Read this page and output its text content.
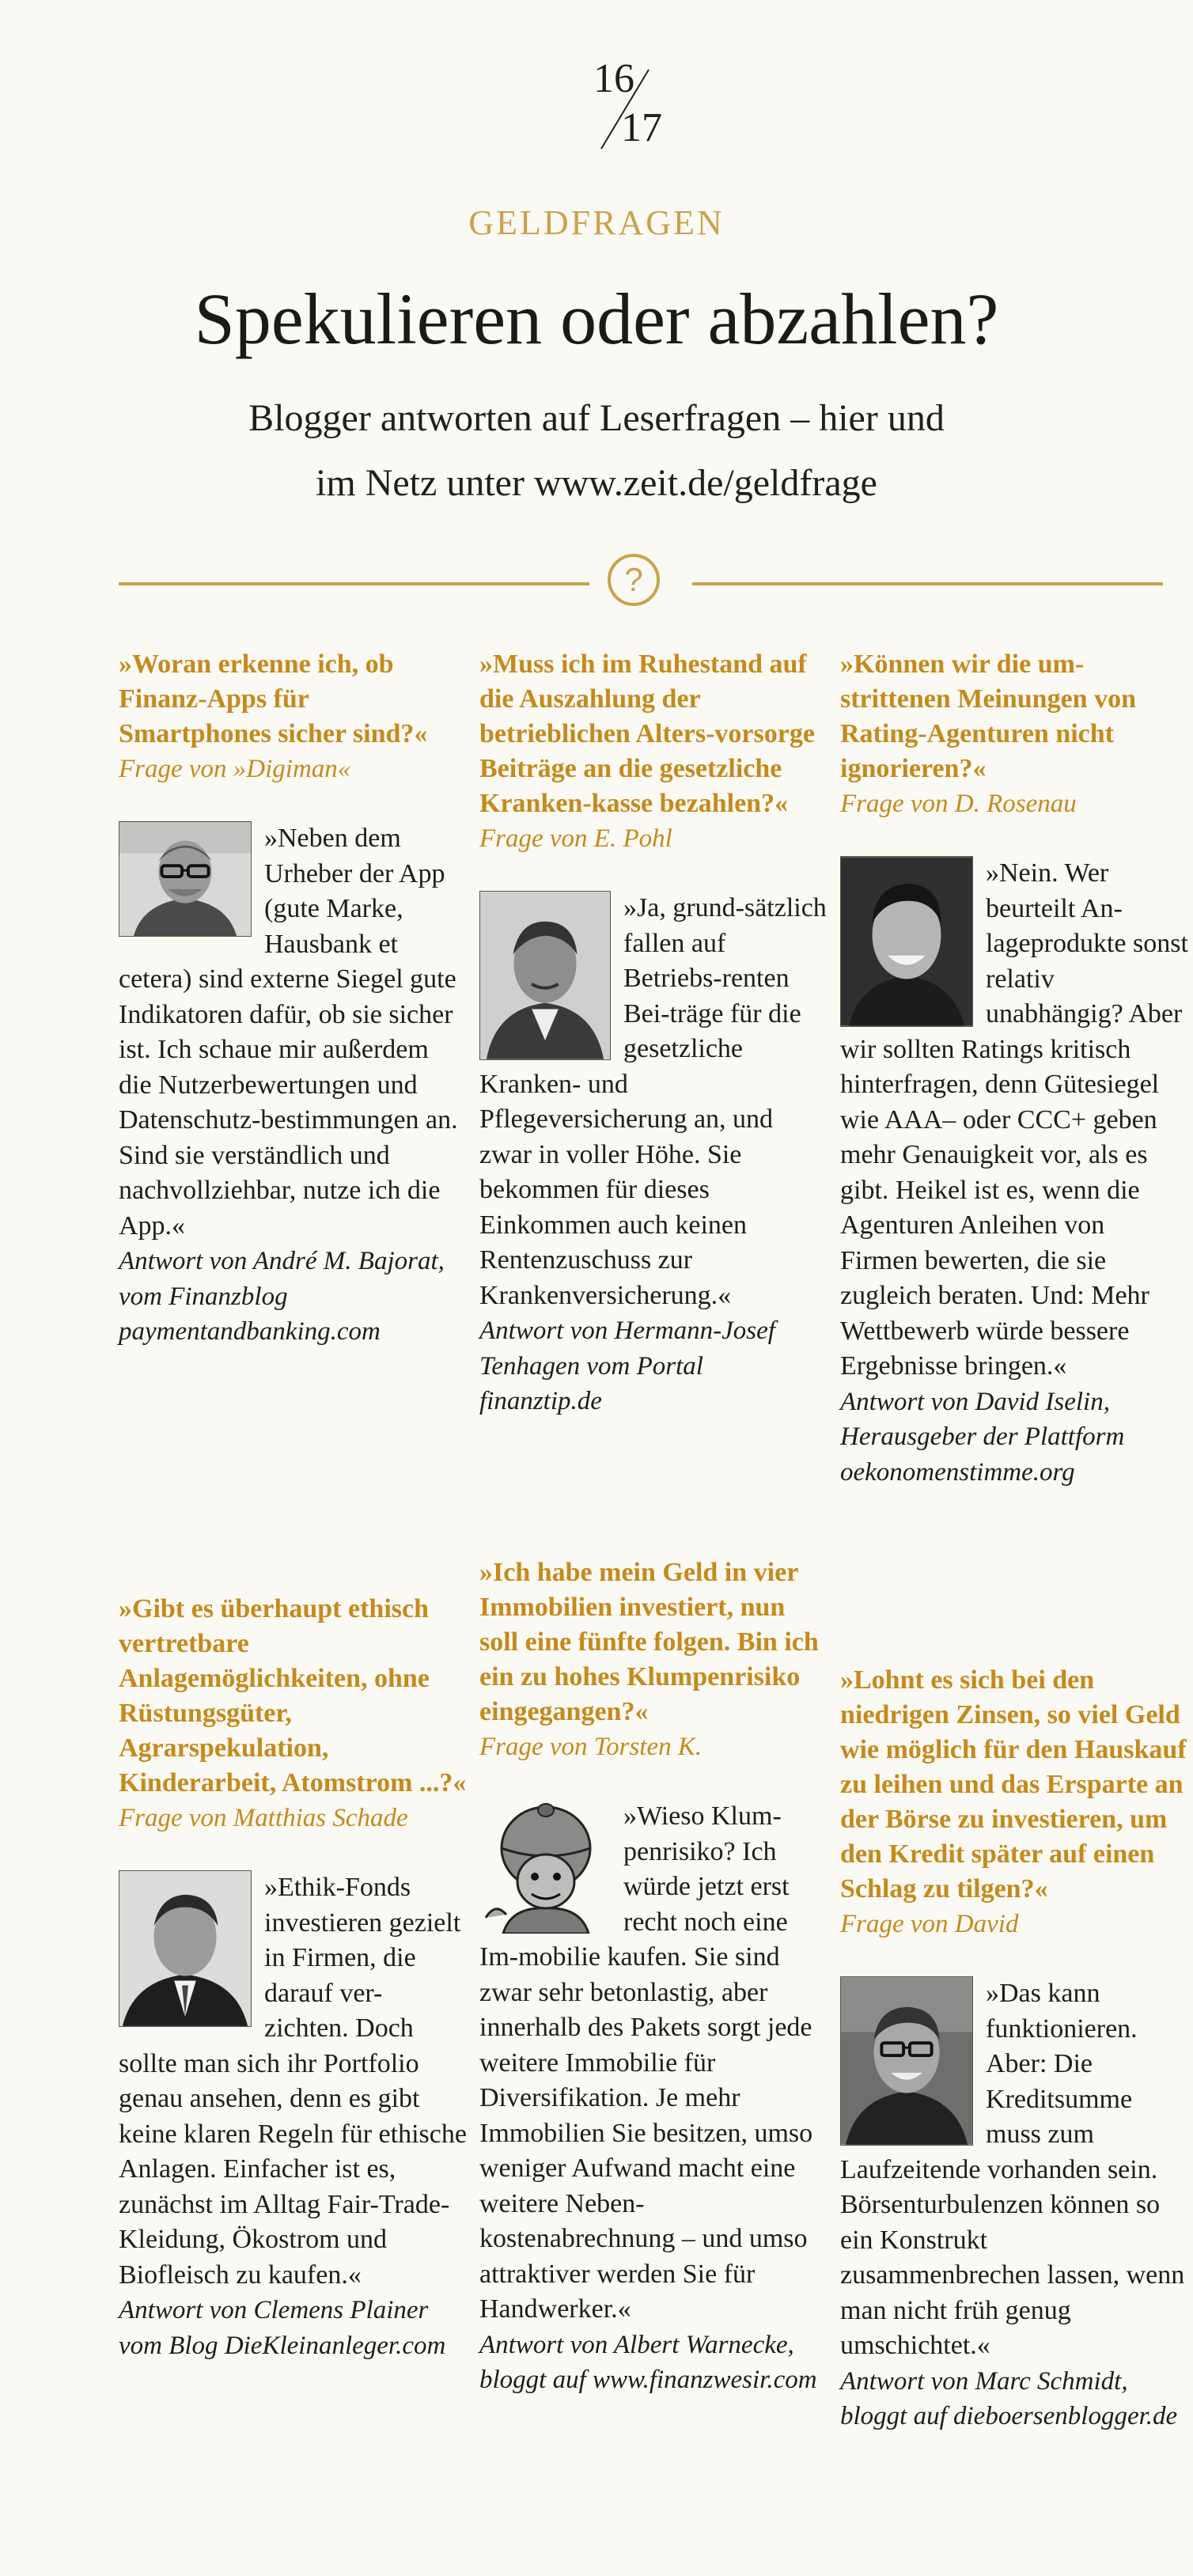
16
17
GELDFRAGEN
Spekulieren oder abzahlen?
Blogger antworten auf Leserfragen – hier und
im Netz unter www.zeit.de/geldfrage
?

»Woran erkenne ich, ob Finanz-Apps für Smartphones sicher sind?«

Frage von »Digiman«

»Neben dem Urheber der App (gute Marke, Hausbank et cetera) sind externe Siegel gute Indikatoren dafür, ob sie sicher ist. Ich schaue mir außerdem die Nutzerbewertungen und Datenschutz-bestimmungen an. Sind sie verständlich und nachvollziehbar, nutze ich die App.«

Antwort von André M. Bajorat, vom Finanzblog paymentandbanking.com

»Muss ich im Ruhestand auf die Auszahlung der betrieblichen Alters-vorsorge Beiträge an die gesetzliche Kranken-kasse bezahlen?«

Frage von E. Pohl

»Ja, grund-sätzlich fallen auf Betriebs-renten Bei-träge für die gesetzliche Kranken- und Pflegeversicherung an, und zwar in voller Höhe. Sie bekommen für dieses Einkommen auch keinen Rentenzuschuss zur Krankenversicherung.«

Antwort von Hermann-Josef Tenhagen vom Portal finanztip.de

»Können wir die um-strittenen Meinungen von Rating-Agenturen nicht ignorieren?«

Frage von D. Rosenau

»Nein. Wer beurteilt An-lageprodukte sonst relativ unabhängig? Aber wir sollten Ratings kritisch hinterfragen, denn Gütesiegel wie AAA– oder CCC+ geben mehr Genauigkeit vor, als es gibt. Heikel ist es, wenn die Agenturen Anleihen von Firmen bewerten, die sie zugleich beraten. Und: Mehr Wettbewerb würde bessere Ergebnisse bringen.«

Antwort von David Iselin, Herausgeber der Plattform oekonomenstimme.org

»Gibt es überhaupt ethisch vertretbare Anlagemöglichkeiten, ohne Rüstungsgüter, Agrarspekulation, Kinderarbeit, Atomstrom ...?«

Frage von Matthias Schade

»Ethik-Fonds investieren gezielt in Firmen, die darauf ver-zichten. Doch sollte man sich ihr Portfolio genau ansehen, denn es gibt keine klaren Regeln für ethische Anlagen. Einfacher ist es, zunächst im Alltag Fair-Trade-Kleidung, Ökostrom und Biofleisch zu kaufen.«

Antwort von Clemens Plainer vom Blog DieKleinanleger.com

»Ich habe mein Geld in vier Immobilien investiert, nun soll eine fünfte folgen. Bin ich ein zu hohes Klumpenrisiko eingegangen?«

Frage von Torsten K.

»Wieso Klum-penrisiko? Ich würde jetzt erst recht noch eine Im-mobilie kaufen. Sie sind zwar sehr betonlastig, aber innerhalb des Pakets sorgt jede weitere Immobilie für Diversifikation. Je mehr Immobilien Sie besitzen, umso weniger Aufwand macht eine weitere Neben-kostenabrechnung – und umso attraktiver werden Sie für Handwerker.«

Antwort von Albert Warnecke, bloggt auf www.finanzwesir.com

»Lohnt es sich bei den niedrigen Zinsen, so viel Geld wie möglich für den Hauskauf zu leihen und das Ersparte an der Börse zu investieren, um den Kredit später auf einen Schlag zu tilgen?«

Frage von David

»Das kann funktionieren. Aber: Die Kreditsumme muss zum Laufzeitende vorhanden sein. Börsenturbulenzen können so ein Konstrukt zusammenbrechen lassen, wenn man nicht früh genug umschichtet.«

Antwort von Marc Schmidt, bloggt auf dieboersenblogger.de
